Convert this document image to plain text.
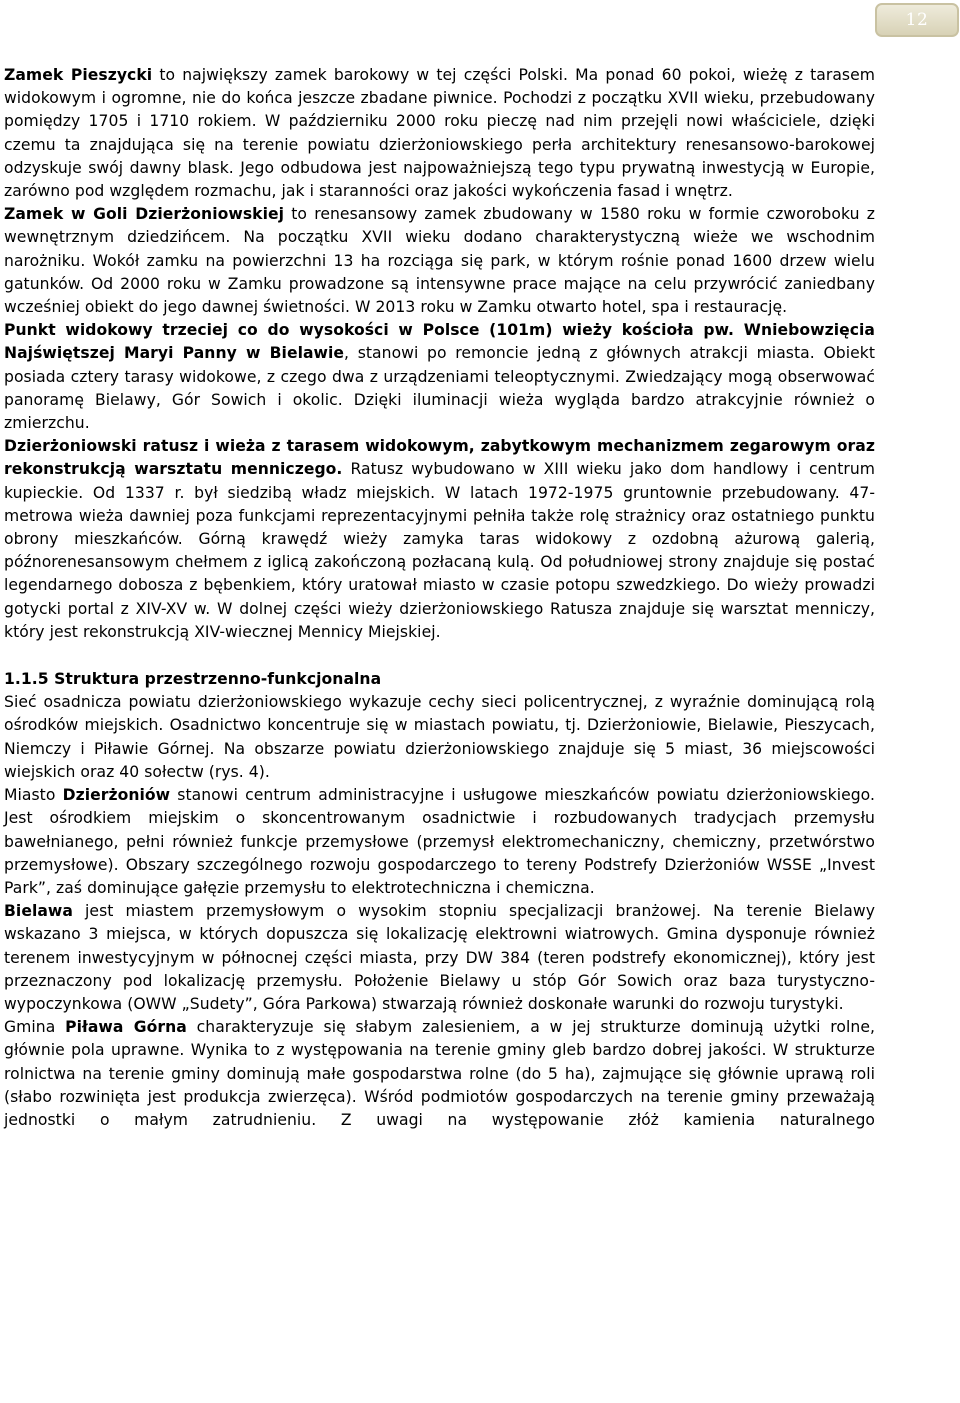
12

Zamek Pieszycki to największy zamek barokowy w tej części Polski. Ma ponad 60 pokoi, wieżę z tarasem widokowym i ogromne, nie do końca jeszcze zbadane piwnice. Pochodzi z początku XVII wieku, przebudowany pomiędzy 1705 i 1710 rokiem. W październiku 2000 roku pieczę nad nim przejęli nowi właściciele, dzięki czemu ta znajdująca się na terenie powiatu dzierżoniowskiego perła architektury renesansowo-barokowej odzyskuje swój dawny blask. Jego odbudowa jest najpoważniejszą tego typu prywatną inwestycją w Europie, zarówno pod względem rozmachu, jak i staranności oraz jakości wykończenia fasad i wnętrz.

Zamek w Goli Dzierżoniowskiej to renesansowy zamek zbudowany w 1580 roku w formie czworoboku z wewnętrznym dziedzińcem. Na początku XVII wieku dodano charakterystyczną wieże we wschodnim narożniku. Wokół zamku na powierzchni 13 ha rozciąga się park, w którym rośnie ponad 1600 drzew wielu gatunków. Od 2000 roku w Zamku prowadzone są intensywne prace mające na celu przywrócić zaniedbany wcześniej obiekt do jego dawnej świetności. W 2013 roku w Zamku otwarto hotel, spa i restaurację.

Punkt widokowy trzeciej co do wysokości w Polsce (101m) wieży kościoła pw. Wniebowzięcia Najświętszej Maryi Panny w Bielawie, stanowi po remoncie jedną z głównych atrakcji miasta. Obiekt posiada cztery tarasy widokowe, z czego dwa z urządzeniami teleoptycznymi. Zwiedzający mogą obserwować panoramę Bielawy, Gór Sowich i okolic. Dzięki iluminacji wieża wygląda bardzo atrakcyjnie również o zmierzchu.

Dzierżoniowski ratusz i wieża z tarasem widokowym, zabytkowym mechanizmem zegarowym oraz rekonstrukcją warsztatu menniczego. Ratusz wybudowano w XIII wieku jako dom handlowy i centrum kupieckie. Od 1337 r. był siedzibą władz miejskich. W latach 1972-1975 gruntownie przebudowany. 47-metrowa wieża dawniej poza funkcjami reprezentacyjnymi pełniła także rolę strażnicy oraz ostatniego punktu obrony mieszkańców. Górną krawędź wieży zamyka taras widokowy z ozdobną ażurową galerią, późnorenesansowym chełmem z iglicą zakończoną pozłacaną kulą. Od południowej strony znajduje się postać legendarnego dobosza z bębenkiem, który uratował miasto w czasie potopu szwedzkiego. Do wieży prowadzi gotycki portal z XIV-XV w. W dolnej części wieży dzierżoniowskiego Ratusza znajduje się warsztat menniczy, który jest rekonstrukcją XIV-wiecznej Mennicy Miejskiej.

1.1.5 Struktura przestrzenno-funkcjonalna

Sieć osadnicza powiatu dzierżoniowskiego wykazuje cechy sieci policentrycznej, z wyraźnie dominującą rolą ośrodków miejskich. Osadnictwo koncentruje się w miastach powiatu, tj. Dzierżoniowie, Bielawie, Pieszycach, Niemczy i Piławie Górnej. Na obszarze powiatu dzierżoniowskiego znajduje się 5 miast, 36 miejscowości wiejskich oraz 40 sołectw (rys. 4).

Miasto Dzierżoniów stanowi centrum administracyjne i usługowe mieszkańców powiatu dzierżoniowskiego. Jest ośrodkiem miejskim o skoncentrowanym osadnictwie i rozbudowanych tradycjach przemysłu bawełnianego, pełni również funkcje przemysłowe (przemysł elektromechaniczny, chemiczny, przetwórstwo przemysłowe). Obszary szczególnego rozwoju gospodarczego to tereny Podstrefy Dzierżoniów WSSE „Invest Park”, zaś dominujące gałęzie przemysłu to elektrotechniczna i chemiczna.

Bielawa jest miastem przemysłowym o wysokim stopniu specjalizacji branżowej. Na terenie Bielawy wskazano 3 miejsca, w których dopuszcza się lokalizację elektrowni wiatrowych. Gmina dysponuje również terenem inwestycyjnym w północnej części miasta, przy DW 384 (teren podstrefy ekonomicznej), który jest przeznaczony pod lokalizację przemysłu. Położenie Bielawy u stóp Gór Sowich oraz baza turystyczno-wypoczynkowa (OWW „Sudety”, Góra Parkowa) stwarzają również doskonałe warunki do rozwoju turystyki.

Gmina Piława Górna charakteryzuje się słabym zalesieniem, a w jej strukturze dominują użytki rolne, głównie pola uprawne. Wynika to z występowania na terenie gminy gleb bardzo dobrej jakości. W strukturze rolnictwa na terenie gminy dominują małe gospodarstwa rolne (do 5 ha), zajmujące się głównie uprawą roli (słabo rozwinięta jest produkcja zwierzęca). Wśród podmiotów gospodarczych na terenie gminy przeważają jednostki o małym zatrudnieniu. Z uwagi na występowanie złóż kamienia naturalnego
